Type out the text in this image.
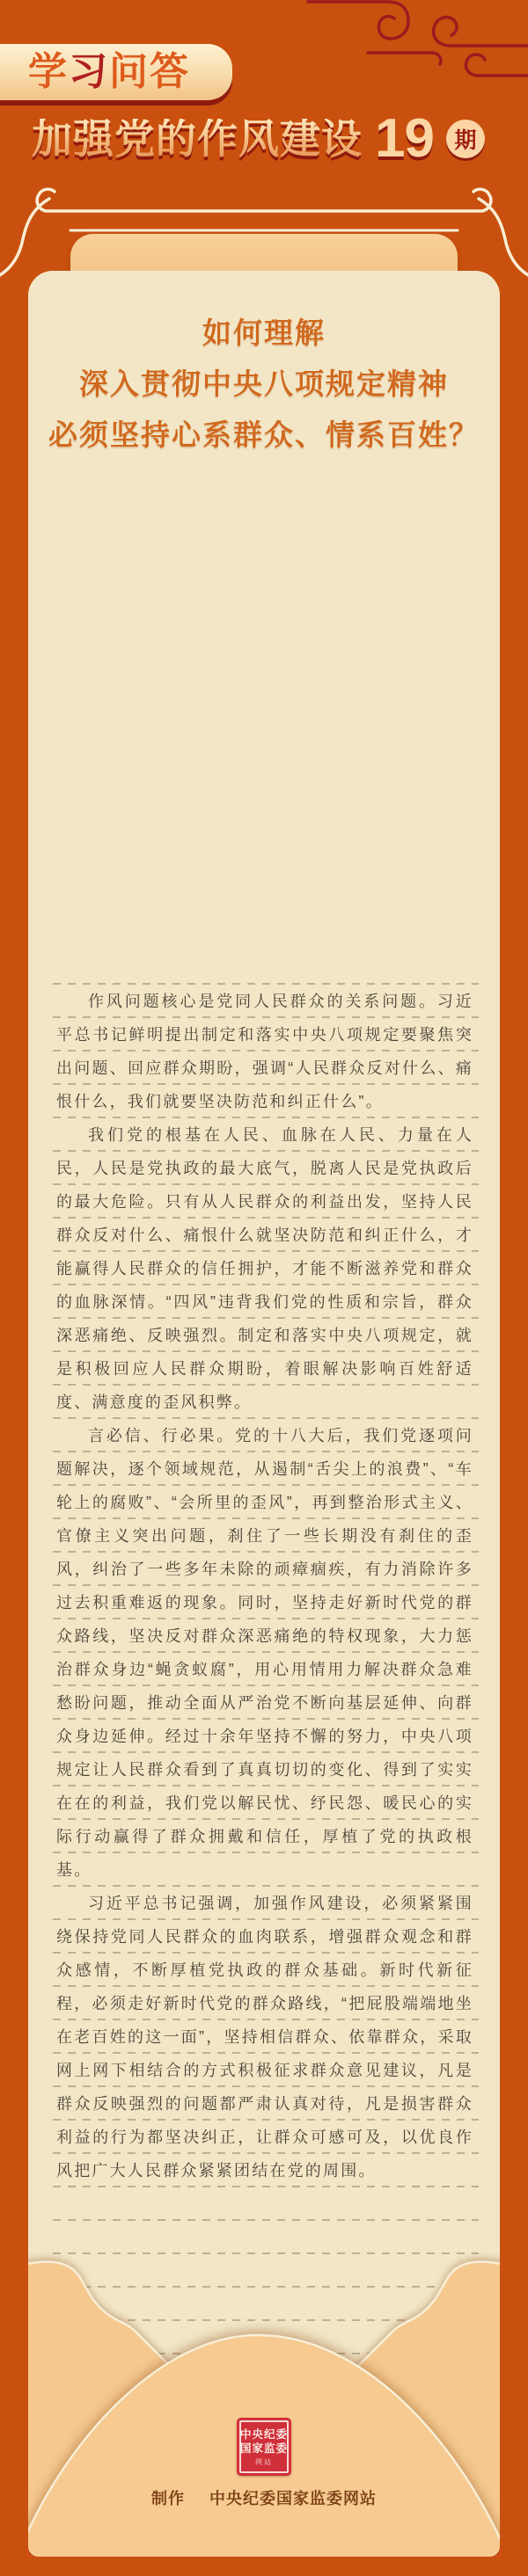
学 习 问答
加强党的作风建设 19 期
如何理解
深入贯彻中央八项规定精神
必须坚持心系群众、情系百姓？

作风问题核心是党同人民群众的关系问题。习近平总书记鲜明提出制定和落实中央八项规定要聚焦突出问题、回应群众期盼，强调“人民群众反对什么、痛恨什么，我们就要坚决防范和纠正什么”。

我们党的根基在人民、血脉在人民、力量在人民，人民是党执政的最大底气，脱离人民是党执政后的最大危险。只有从人民群众的利益出发，坚持人民群众反对什么、痛恨什么就坚决防范和纠正什么，才能赢得人民群众的信任拥护，才能不断滋养党和群众的血脉深情。“四风”违背我们党的性质和宗旨，群众深恶痛绝、反映强烈。制定和落实中央八项规定，就是积极回应人民群众期盼，着眼解决影响百姓舒适度、满意度的歪风积弊。

言必信、行必果。党的十八大后，我们党逐项问题解决，逐个领域规范，从遏制“舌尖上的浪费”、“车轮上的腐败”、“会所里的歪风”，再到整治形式主义、官僚主义突出问题，刹住了一些长期没有刹住的歪风，纠治了一些多年未除的顽瘴痼疾，有力消除许多过去积重难返的现象。同时，坚持走好新时代党的群众路线，坚决反对群众深恶痛绝的特权现象，大力惩治群众身边“蝇贪蚁腐”，用心用情用力解决群众急难愁盼问题，推动全面从严治党不断向基层延伸、向群众身边延伸。经过十余年坚持不懈的努力，中央八项规定让人民群众看到了真真切切的变化、得到了实实在在的利益，我们党以解民忧、纾民怨、暖民心的实际行动赢得了群众拥戴和信任，厚植了党的执政根基。

习近平总书记强调，加强作风建设，必须紧紧围绕保持党同人民群众的血肉联系，增强群众观念和群众感情，不断厚植党执政的群众基础。新时代新征程，必须走好新时代党的群众路线，“把屁股端端地坐在老百姓的这一面”，坚持相信群众、依靠群众，采取网上网下相结合的方式积极征求群众意见建议，凡是群众反映强烈的问题都严肃认真对待，凡是损害群众利益的行为都坚决纠正，让群众可感可及，以优良作风把广大人民群众紧紧团结在党的周围。

中央纪委
国家监委
网站
制作 中央纪委国家监委网站
